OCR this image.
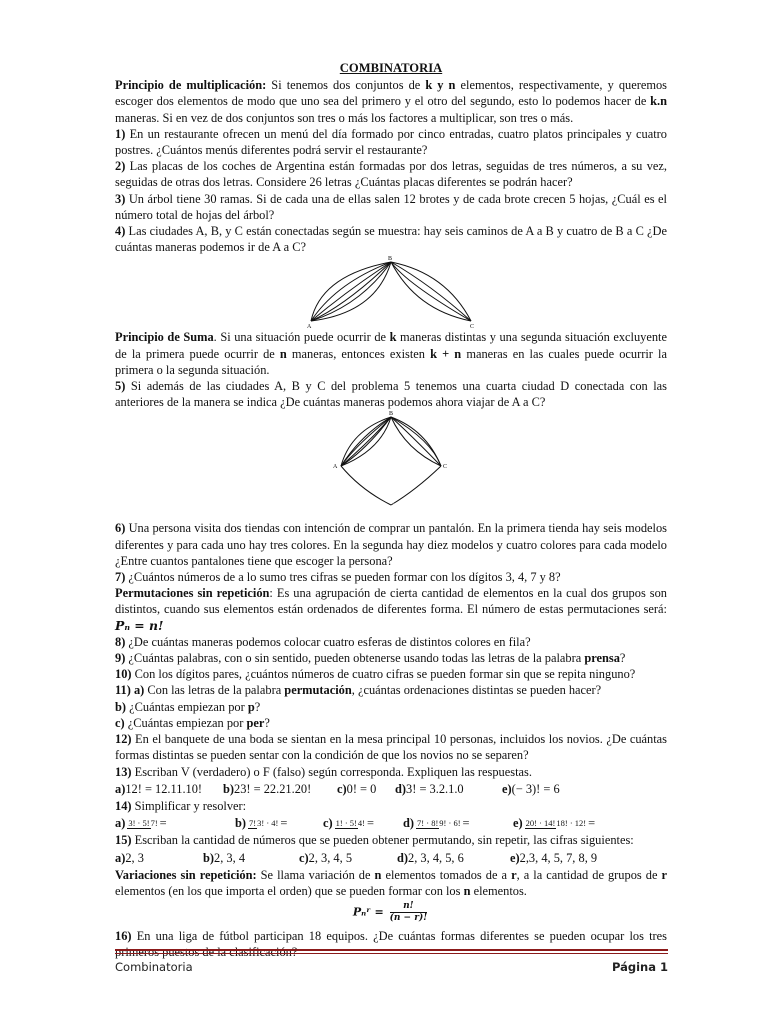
COMBINATORIA

Principio de multiplicación: Si tenemos dos conjuntos de k y n elementos, respectivamente, y queremos escoger dos elementos de modo que uno sea del primero y el otro del segundo, esto lo podemos hacer de k.n maneras. Si en vez de dos conjuntos son tres o más los factores a multiplicar, son tres o más.

1) En un restaurante ofrecen un menú del día formado por cinco entradas, cuatro platos principales y cuatro postres. ¿Cuántos menús diferentes podrá servir el restaurante?

2) Las placas de los coches de Argentina están formadas por dos letras, seguidas de tres números, a su vez, seguidas de otras dos letras. Considere 26 letras ¿Cuántas placas diferentes se podrán hacer?

3) Un árbol tiene 30 ramas. Si de cada una de ellas salen 12 brotes y de cada brote crecen 5 hojas, ¿Cuál es el número total de hojas del árbol?

4) Las ciudades A, B, y C están conectadas según se muestra: hay seis caminos de A a B y cuatro de B a C ¿De cuántas maneras podemos ir de A a C?

B
A	C

Principio de Suma. Si una situación puede ocurrir de k maneras distintas y una segunda situación excluyente de la primera puede ocurrir de n maneras, entonces existen k + n maneras en las cuales puede ocurrir la primera o la segunda situación.

5) Si además de las ciudades A, B y C del problema 5 tenemos una cuarta ciudad D conectada con las anteriores de la manera se indica ¿De cuántas maneras podemos ahora viajar de A a C?

B
A	C
D

6) Una persona visita dos tiendas con intención de comprar un pantalón. En la primera tienda hay seis modelos diferentes y para cada uno hay tres colores. En la segunda hay diez modelos y cuatro colores para cada modelo ¿Entre cuantos pantalones tiene que escoger la persona?

7) ¿Cuántos números de a lo sumo tres cifras se pueden formar con los dígitos 3, 4, 7 y 8?

Permutaciones sin repetición: Es una agrupación de cierta cantidad de elementos en la cual dos grupos son distintos, cuando sus elementos están ordenados de diferentes forma. El número de estas permutaciones será: Pₙ = n!

8) ¿De cuántas maneras podemos colocar cuatro esferas de distintos colores en fila?

9) ¿Cuántas palabras, con o sin sentido, pueden obtenerse usando todas las letras de la palabra prensa?

10) Con los dígitos pares, ¿cuántos números de cuatro cifras se pueden formar sin que se repita ninguno?

11) a) Con las letras de la palabra permutación, ¿cuántas ordenaciones distintas se pueden hacer?

b) ¿Cuántas empiezan por p?

c) ¿Cuántas empiezan por per?

12) En el banquete de una boda se sientan en la mesa principal 10 personas, incluidos los novios. ¿De cuántas formas distintas se pueden sentar con la condición de que los novios no se separen?

13) Escriban V (verdadero) o F (falso) según corresponda. Expliquen las respuestas.

a)12! = 12.11.10!	b)23! = 22.21.20!	c)0! = 0	d)3! = 3.2.1.0	e)(− 3)! = 6

14) Simplificar y resolver:

a) 3! · 5!7!=	b) 7!3! · 4!=	c) 1! · 5!4!=	d) 7! · 8!9! · 6!=	e) 20! · 14!18! · 12!=

15) Escriban la cantidad de números que se pueden obtener permutando, sin repetir, las cifras siguientes:

a)2, 3	b)2, 3, 4	c)2, 3, 4, 5	d)2, 3, 4, 5, 6	e)2,3, 4, 5, 7, 8, 9

Variaciones sin repetición: Se llama variación de n elementos tomados de a r, a la cantidad de grupos de r elementos (en los que importa el orden) que se pueden formar con los n elementos.

Pₙʳ = $\frac{n!}{(n - r)!}$

16) En una liga de fútbol participan 18 equipos. ¿De cuántas formas diferentes se pueden ocupar los tres

Combinatoria	Página 1
